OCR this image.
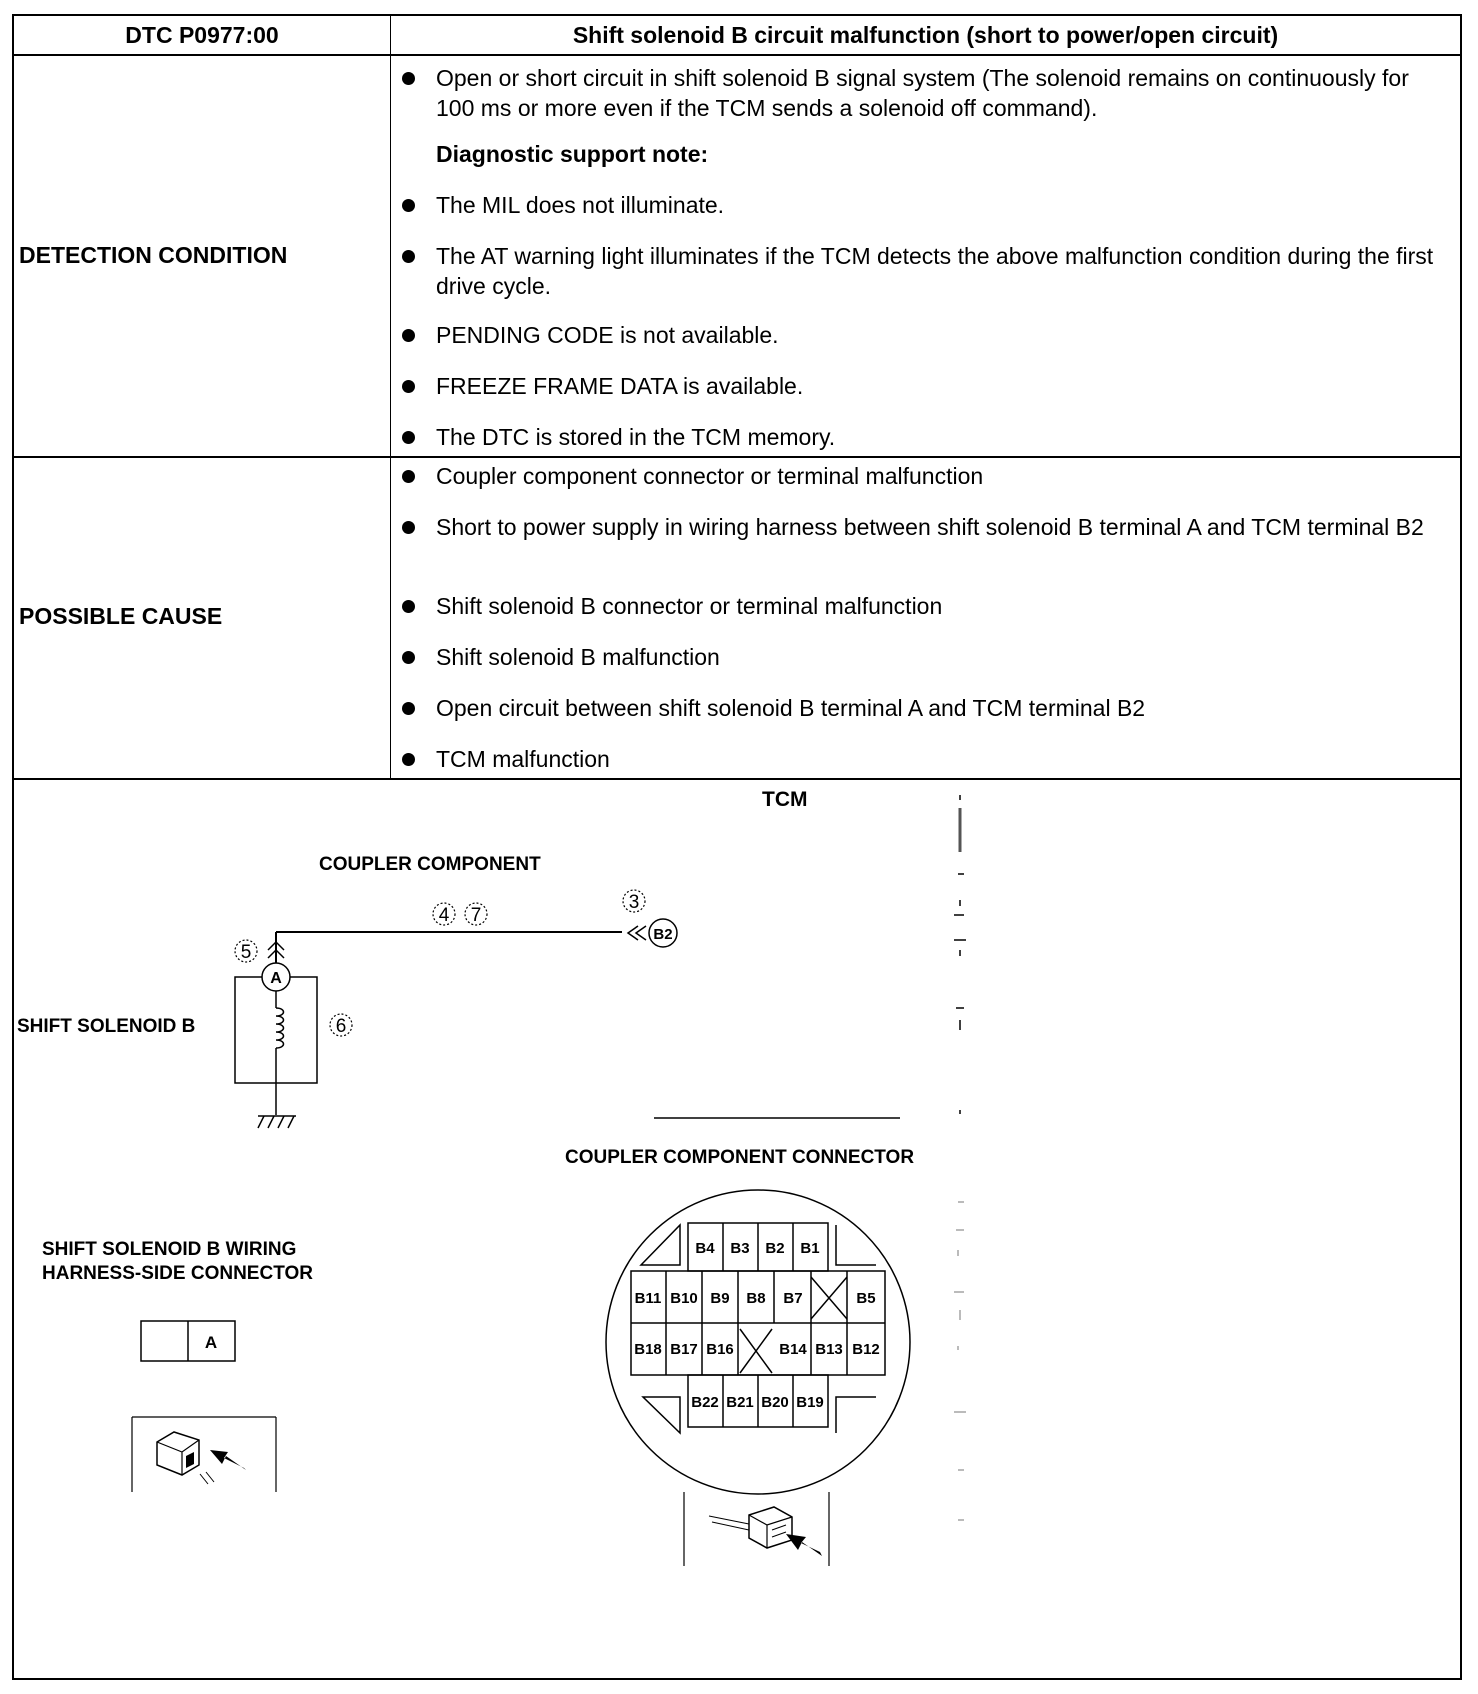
DTC P0977:00	Shift solenoid B circuit malfunction (short to power/open circuit)
DETECTION CONDITION
Open or short circuit in shift solenoid B signal system (The solenoid remains on continuously for 100 ms or more even if the TCM sends a solenoid off command).
Diagnostic support note:
The MIL does not illuminate.
The AT warning light illuminates if the TCM detects the above malfunction condition during the first drive cycle.
PENDING CODE is not available.
FREEZE FRAME DATA is available.
The DTC is stored in the TCM memory.
POSSIBLE CAUSE
Coupler component connector or terminal malfunction
Short to power supply in wiring harness between shift solenoid B terminal A and TCM terminal B2
Shift solenoid B connector or terminal malfunction
Shift solenoid B malfunction
Open circuit between shift solenoid B terminal A and TCM terminal B2
TCM malfunction
TCM
COUPLER COMPONENT
4 7
3
B2
5
A
SHIFT SOLENOID B	6
SHIFT SOLENOID B WIRING
HARNESS-SIDE CONNECTOR
A
COUPLER COMPONENT CONNECTOR
B4 B3 B2 B1
B11 B10 B9 B8 B7	B5
B18 B17 B16	B14 B13 B12
B22 B21 B20 B19
